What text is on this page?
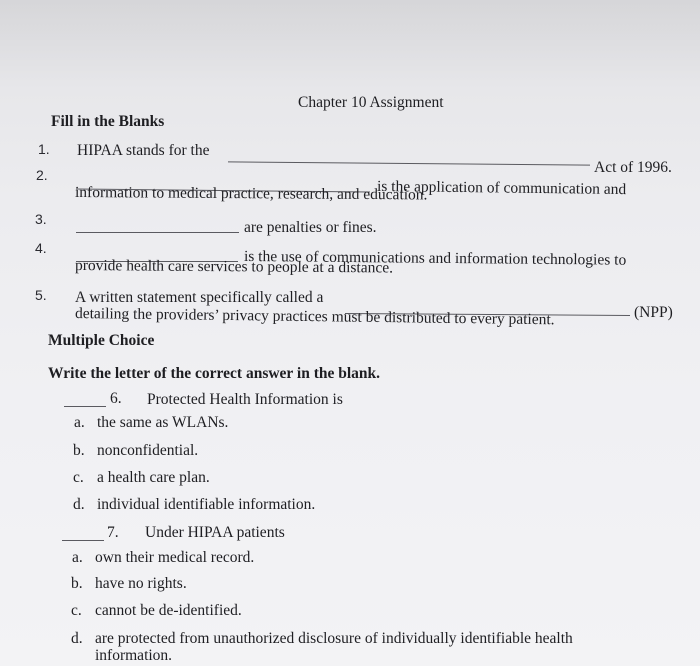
Chapter 10 Assignment
Fill in the Blanks
1. HIPAA stands for the
Act of 1996.
2.
is the application of communication and
information to medical practice, research, and education.
3.	are penalties or fines.
4.
is the use of communications and information technologies to
provide health care services to people at a distance.
5. A written statement specifically called a
(NPP)
detailing the providers’ privacy practices must be distributed to every patient.
Multiple Choice
Write the letter of the correct answer in the blank.
6. Protected Health Information is
a. the same as WLANs.
b. nonconfidential.
c. a health care plan.
d. individual identifiable information.
7. Under HIPAA patients
a. own their medical record.
b. have no rights.
c. cannot be de-identified.
d. are protected from unauthorized disclosure of individually identifiable health
information.
